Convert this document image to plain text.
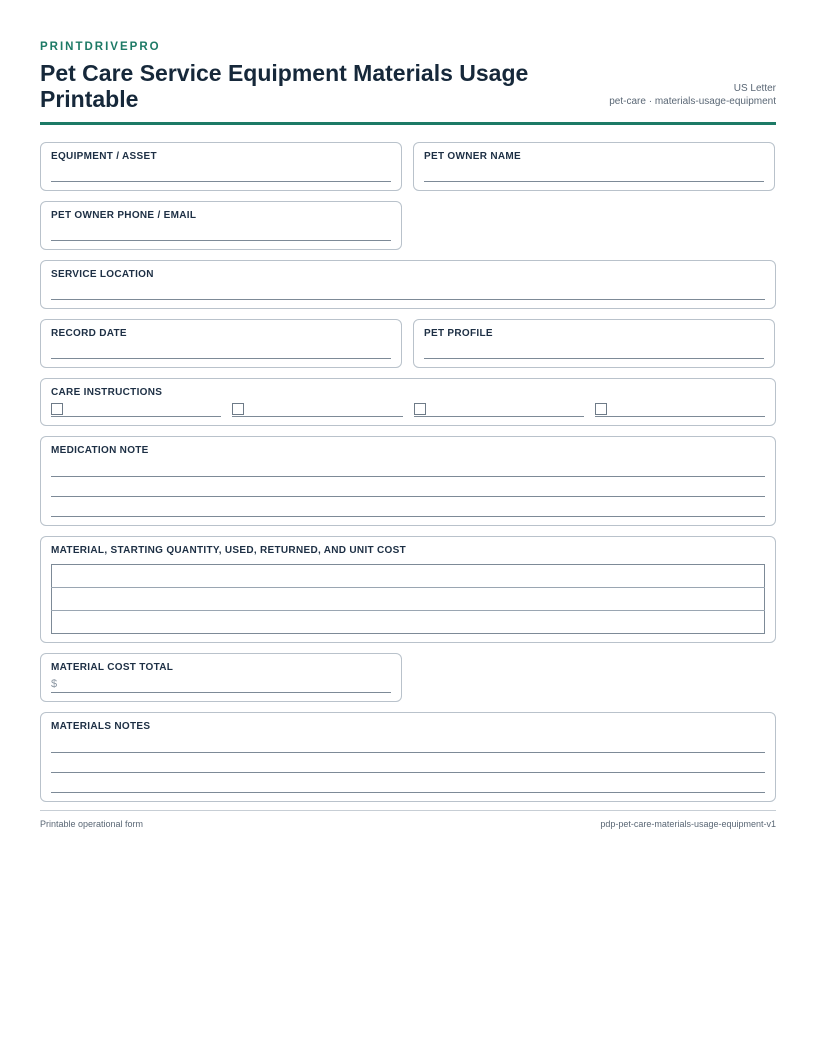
PRINTDRIVEPRO
Pet Care Service Equipment Materials Usage Printable	US Letter
pet-care · materials-usage-equipment
EQUIPMENT / ASSET	PET OWNER NAME
PET OWNER PHONE / EMAIL
SERVICE LOCATION
RECORD DATE	PET PROFILE
CARE INSTRUCTIONS
MEDICATION NOTE
MATERIAL, STARTING QUANTITY, USED, RETURNED, AND UNIT COST

MATERIAL COST TOTAL
$
MATERIALS NOTES
Printable operational form	pdp-pet-care-materials-usage-equipment-v1
